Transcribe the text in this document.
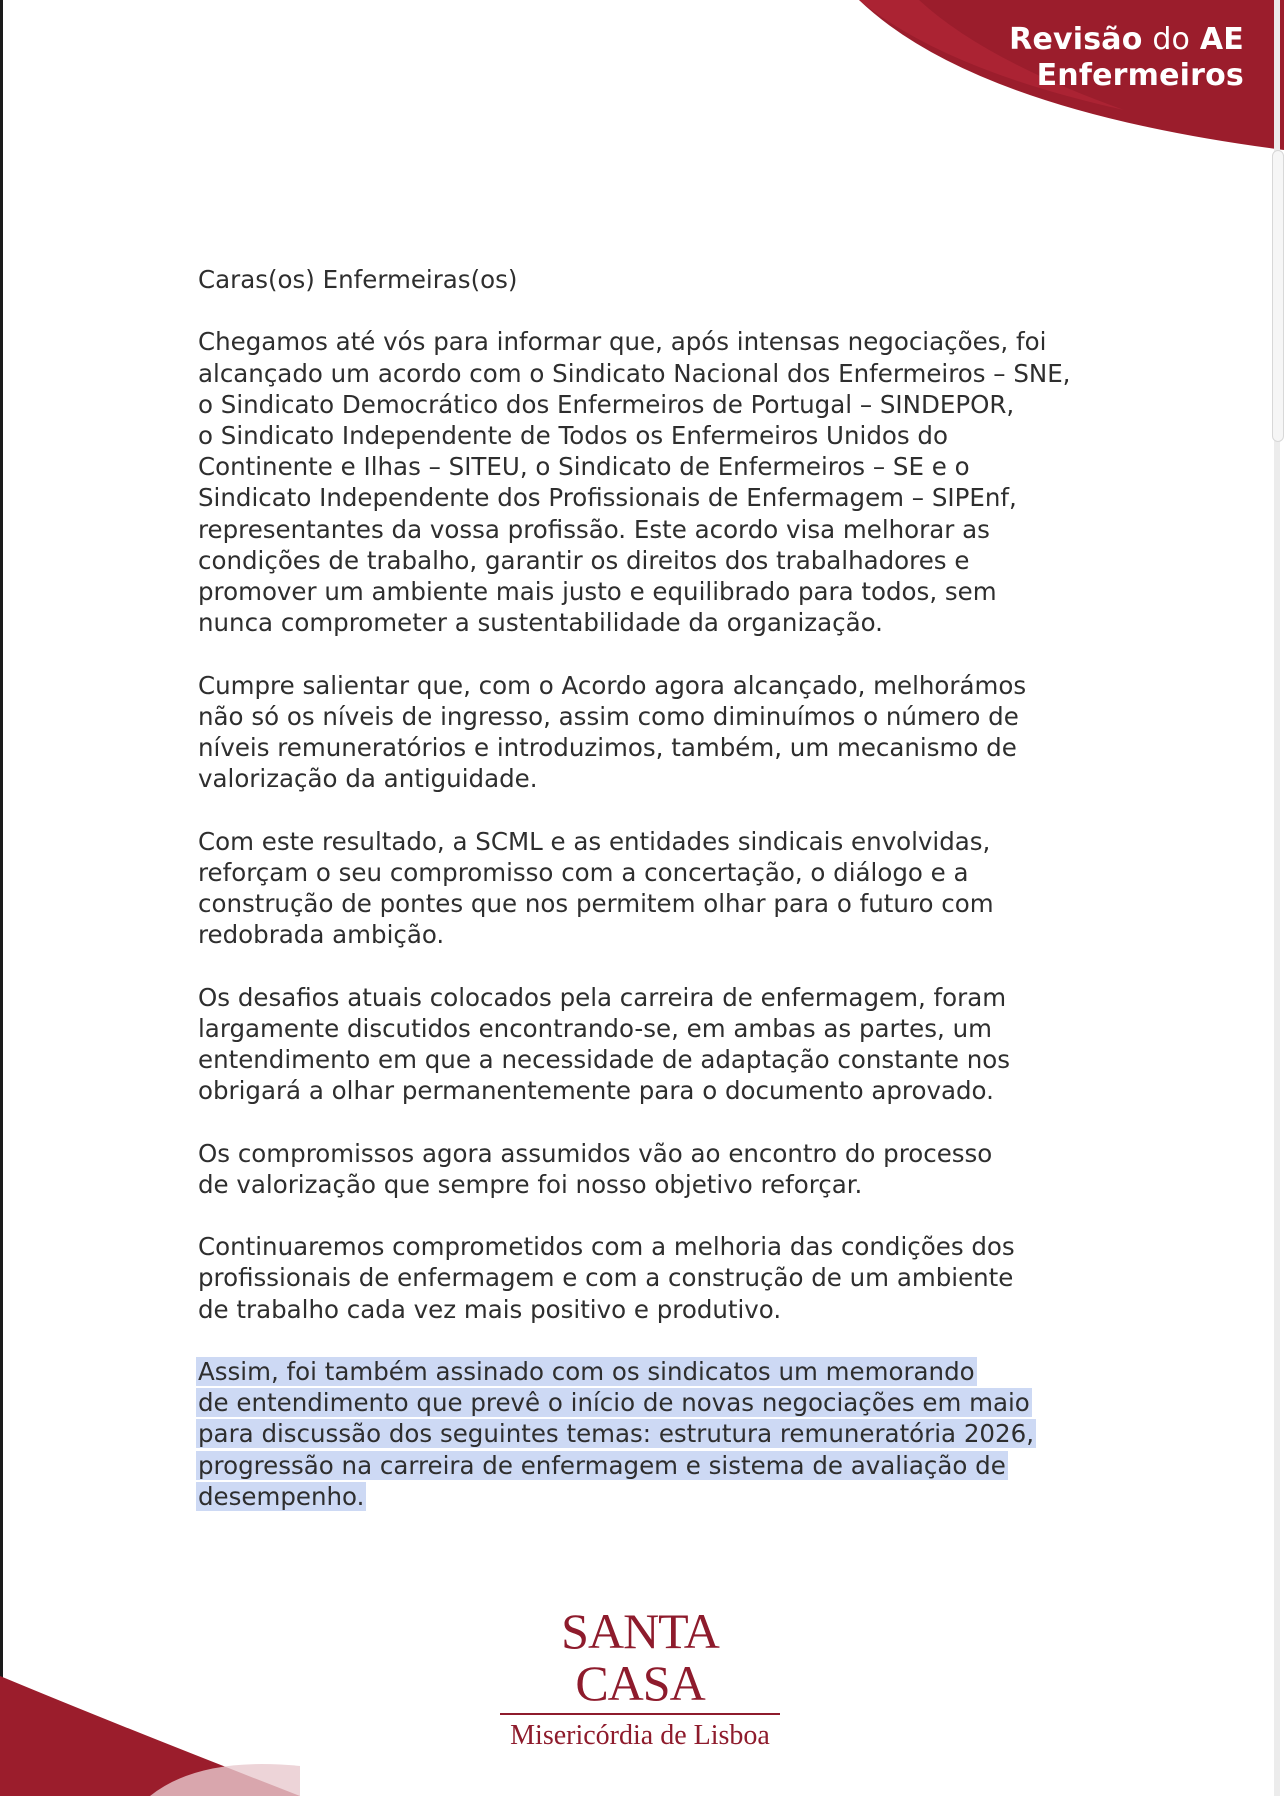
Revisão do AE
Enfermeiros

Caras(os) Enfermeiras(os)

Chegamos até vós para informar que, após intensas negociações, foi
alcançado um acordo com o Sindicato Nacional dos Enfermeiros – SNE,
o Sindicato Democrático dos Enfermeiros de Portugal – SINDEPOR,
o Sindicato Independente de Todos os Enfermeiros Unidos do
Continente e Ilhas – SITEU, o Sindicato de Enfermeiros – SE e o
Sindicato Independente dos Profissionais de Enfermagem – SIPEnf,
representantes da vossa profissão. Este acordo visa melhorar as
condições de trabalho, garantir os direitos dos trabalhadores e
promover um ambiente mais justo e equilibrado para todos, sem
nunca comprometer a sustentabilidade da organização.

Cumpre salientar que, com o Acordo agora alcançado, melhorámos
não só os níveis de ingresso, assim como diminuímos o número de
níveis remuneratórios e introduzimos, também, um mecanismo de
valorização da antiguidade.

Com este resultado, a SCML e as entidades sindicais envolvidas,
reforçam o seu compromisso com a concertação, o diálogo e a
construção de pontes que nos permitem olhar para o futuro com
redobrada ambição.

Os desafios atuais colocados pela carreira de enfermagem, foram
largamente discutidos encontrando-se, em ambas as partes, um
entendimento em que a necessidade de adaptação constante nos
obrigará a olhar permanentemente para o documento aprovado.

Os compromissos agora assumidos vão ao encontro do processo
de valorização que sempre foi nosso objetivo reforçar.

Continuaremos comprometidos com a melhoria das condições dos
profissionais de enfermagem e com a construção de um ambiente
de trabalho cada vez mais positivo e produtivo.

Assim, foi também assinado com os sindicatos um memorando
de entendimento que prevê o início de novas negociações em maio
para discussão dos seguintes temas: estrutura remuneratória 2026,
progressão na carreira de enfermagem e sistema de avaliação de
desempenho.

SANTA CASA
Misericórdia de Lisboa
